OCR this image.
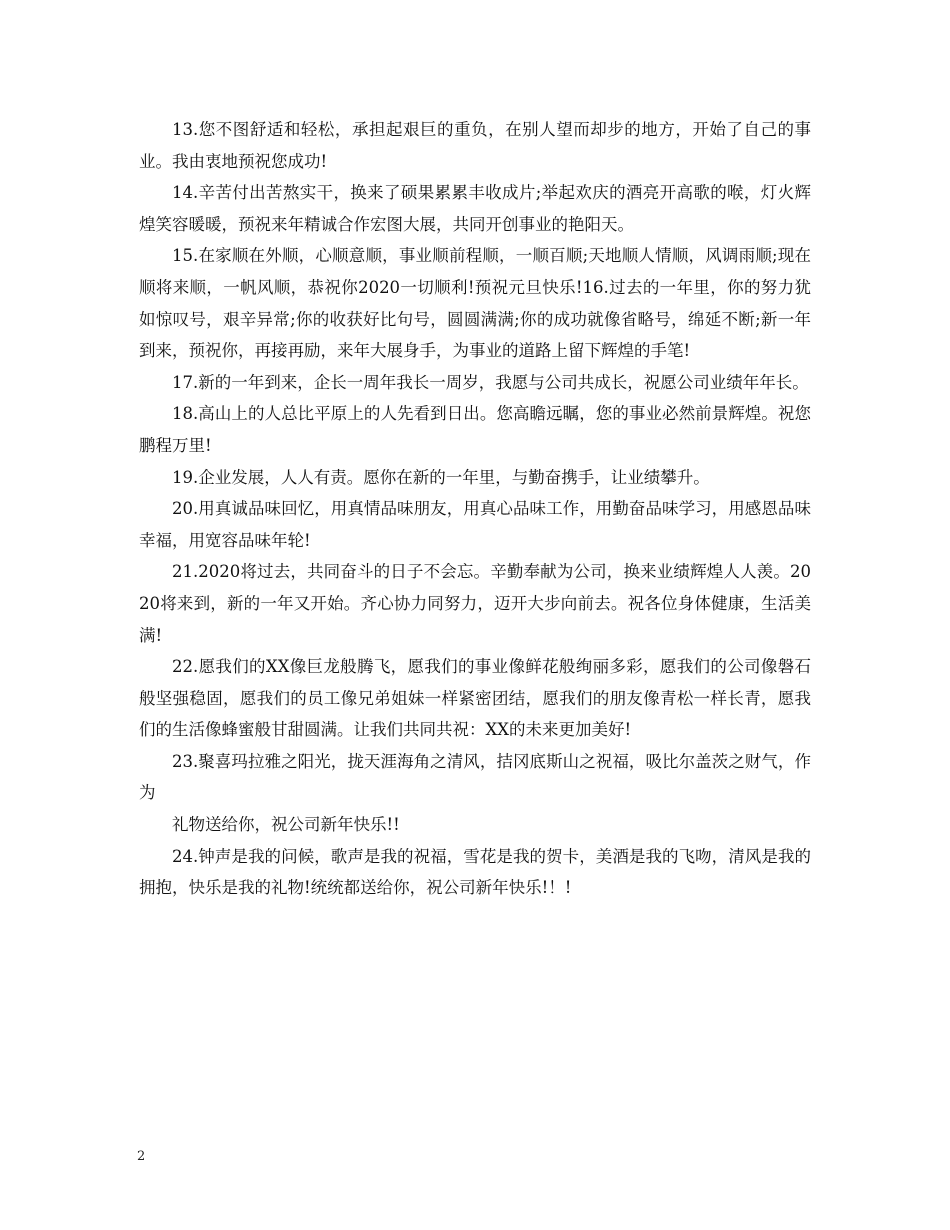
13.您不图舒适和轻松，承担起艰巨的重负，在别人望而却步的地方，开始了自己的事业。我由衷地预祝您成功!

14.辛苦付出苦熬实干，换来了硕果累累丰收成片;举起欢庆的酒亮开高歌的喉，灯火辉煌笑容暖暖，预祝来年精诚合作宏图大展，共同开创事业的艳阳天。

15.在家顺在外顺，心顺意顺，事业顺前程顺，一顺百顺;天地顺人情顺，风调雨顺;现在顺将来顺，一帆风顺，恭祝你2020一切顺利!预祝元旦快乐!16.过去的一年里，你的努力犹如惊叹号，艰辛异常;你的收获好比句号，圆圆满满;你的成功就像省略号，绵延不断;新一年到来，预祝你，再接再励，来年大展身手，为事业的道路上留下辉煌的手笔!

17.新的一年到来，企长一周年我长一周岁，我愿与公司共成长，祝愿公司业绩年年长。

18.高山上的人总比平原上的人先看到日出。您高瞻远瞩，您的事业必然前景辉煌。祝您鹏程万里!

19.企业发展，人人有责。愿你在新的一年里，与勤奋携手，让业绩攀升。

20.用真诚品味回忆，用真情品味朋友，用真心品味工作，用勤奋品味学习，用感恩品味幸福，用宽容品味年轮!

21.2020将过去，共同奋斗的日子不会忘。辛勤奉献为公司，换来业绩辉煌人人羡。2020将来到，新的一年又开始。齐心协力同努力，迈开大步向前去。祝各位身体健康，生活美满!

22.愿我们的XX像巨龙般腾飞，愿我们的事业像鲜花般绚丽多彩，愿我们的公司像磐石般坚强稳固，愿我们的员工像兄弟姐妹一样紧密团结，愿我们的朋友像青松一样长青，愿我们的生活像蜂蜜般甘甜圆满。让我们共同共祝：XX的未来更加美好!

23.聚喜玛拉雅之阳光，拢天涯海角之清风，拮冈底斯山之祝福，吸比尔盖茨之财气，作为

礼物送给你，祝公司新年快乐!!

24.钟声是我的问候，歌声是我的祝福，雪花是我的贺卡，美酒是我的飞吻，清风是我的拥抱，快乐是我的礼物!统统都送给你，祝公司新年快乐!！!

2
